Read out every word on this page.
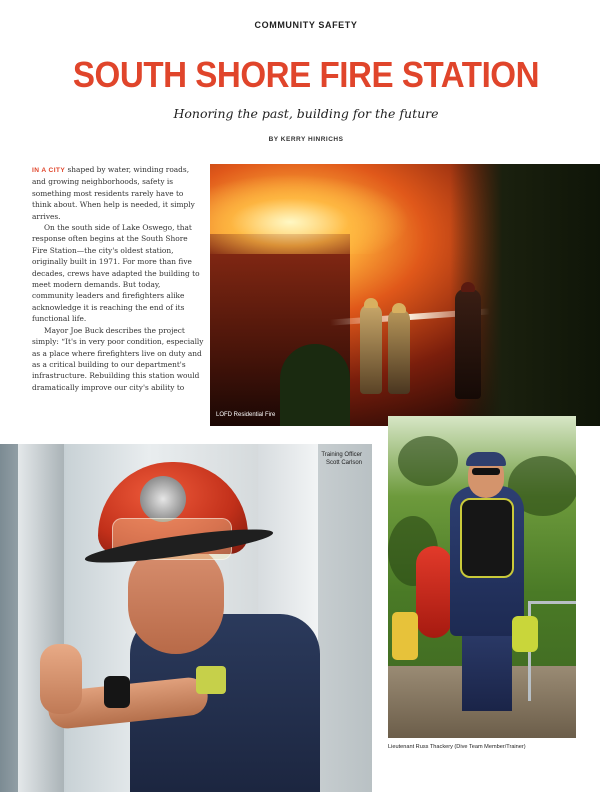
COMMUNITY SAFETY
SOUTH SHORE FIRE STATION
Honoring the past, building for the future
BY KERRY HINRICHS

IN A CITY shaped by water, winding roads, and growing neighborhoods, safety is something most residents rarely have to think about. When help is needed, it simply arrives.

On the south side of Lake Oswego, that response often begins at the South Shore Fire Station—the city's oldest station, originally built in 1971. For more than five decades, crews have adapted the building to meet modern demands. But today, community leaders and firefighters alike acknowledge it is reaching the end of its functional life.

Mayor Joe Buck describes the project simply: “It's in very poor condition, especially as a place where firefighters live on duty and as a critical building to our department's infrastructure. Rebuilding this station would dramatically improve our city's ability to

LOFD Residential Fire
Training Officer
Scott Carlson
Lieutenant Russ Thackery (Dive Team Member/Trainer)
